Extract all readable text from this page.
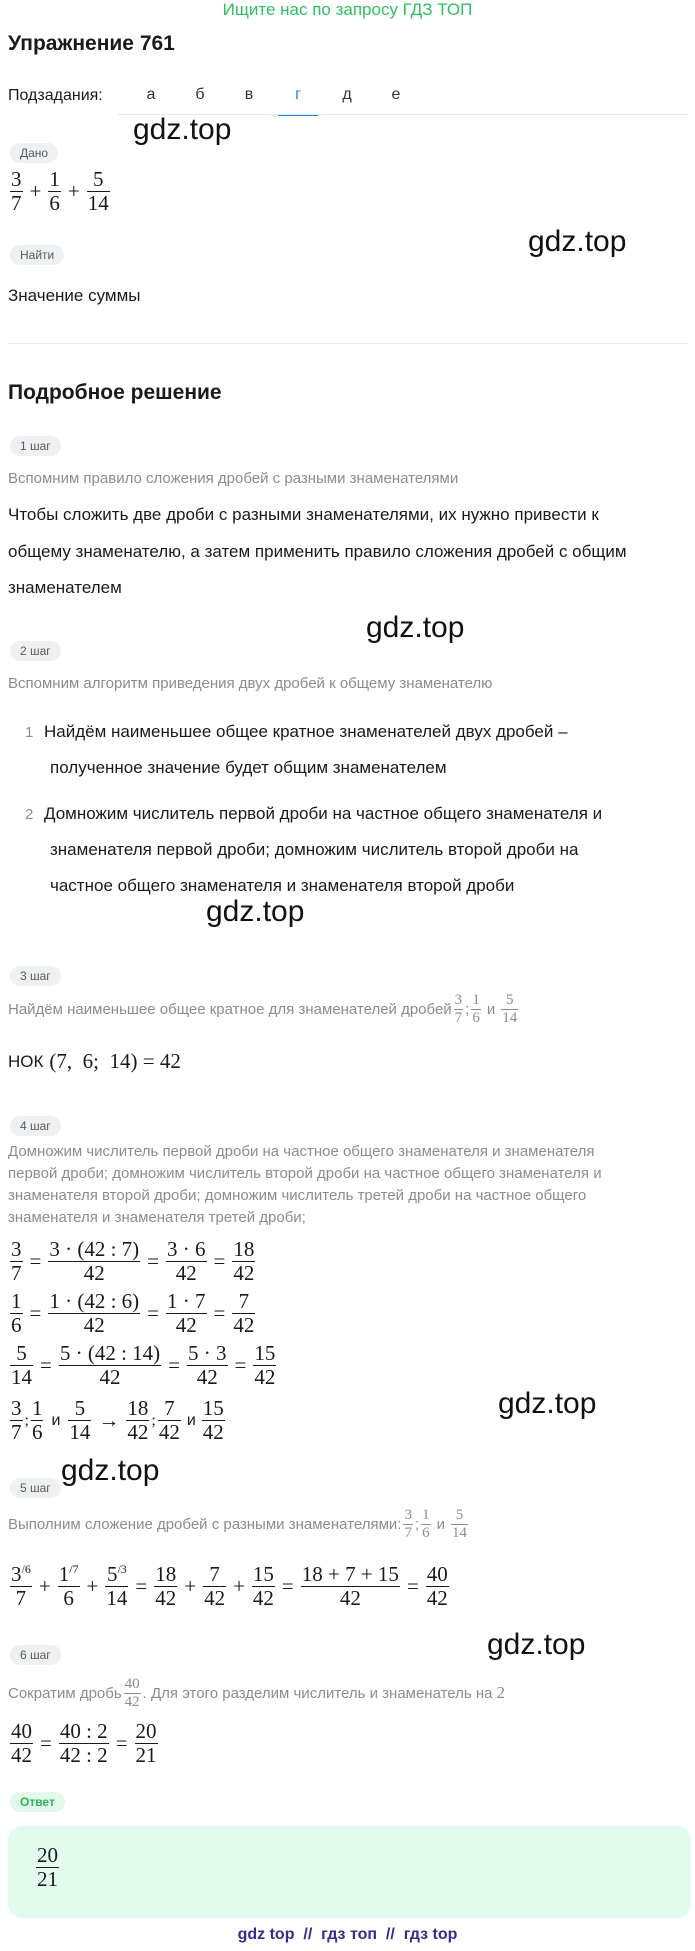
Ищите нас по запросу ГДЗ ТОП
Упражнение 761
Подзадания:	а	б	в	г	д	е
gdz.top
gdz.top
gdz.top
gdz.top
gdz.top
gdz.top
gdz.top
Дано
$\frac{3}{7} + \frac{1}{6} + \frac{5}{14}$
Найти
Значение суммы
Подробное решение
1 шаг
Вспомним правило сложения дробей с разными знаменателями
Чтобы сложить две дроби с разными знаменателями, их нужно привести к
общему знаменателю, а затем применить правило сложения дробей с общим
знаменателем
2 шаг
Вспомним алгоритм приведения двух дробей к общему знаменателю
1 Найдём наименьшее общее кратное знаменателей двух дробей –
полученное значение будет общим знаменателем
2 Домножим числитель первой дроби на частное общего знаменателя и
знаменателя первой дроби; домножим числитель второй дроби на
частное общего знаменателя и знаменателя второй дроби
3 шаг
Найдём наименьшее общее кратное для знаменателей дробей $\frac{3}{7}$ ; $\frac{1}{6}$ и $\frac{5}{14}$
НОК (7,  6;  14) = 42
4 шаг
Домножим числитель первой дроби на частное общего знаменателя и знаменателя
первой дроби; домножим числитель второй дроби на частное общего знаменателя и
знаменателя второй дроби; домножим числитель третей дроби на частное общего
знаменателя и знаменателя третей дроби;
$\frac{3}{7} = \frac{3 \cdot (42 : 7)}{42} = \frac{3 \cdot 6}{42} = \frac{18}{42}$
$\frac{1}{6} = \frac{1 \cdot (42 : 6)}{42} = \frac{1 \cdot 7}{42} = \frac{7}{42}$
$\frac{5}{14} = \frac{5 \cdot (42 : 14)}{42} = \frac{5 \cdot 3}{42} = \frac{15}{42}$
$\frac{3}{7}$ ; $\frac{1}{6}$ и $\frac{5}{14} \to \frac{18}{42}$ ; $\frac{7}{42}$ и $\frac{15}{42}$
5 шаг
Выполним сложение дробей с разными знаменателями: $\frac{3}{7}$ ; $\frac{1}{6}$ и $\frac{5}{14}$
$\frac{3^{/6}}{7} + \frac{1^{/7}}{6} + \frac{5^{/3}}{14} = \frac{18}{42} + \frac{7}{42} + \frac{15}{42} = \frac{18 + 7 + 15}{42} = \frac{40}{42}$
6 шаг
Сократим дробь $\frac{40}{42}$ . Для этого разделим числитель и знаменатель на 2
$\frac{40}{42} = \frac{40 : 2}{42 : 2} = \frac{20}{21}$
Ответ
$\frac{20}{21}$
gdz top  //  гдз топ  //  гдз top
